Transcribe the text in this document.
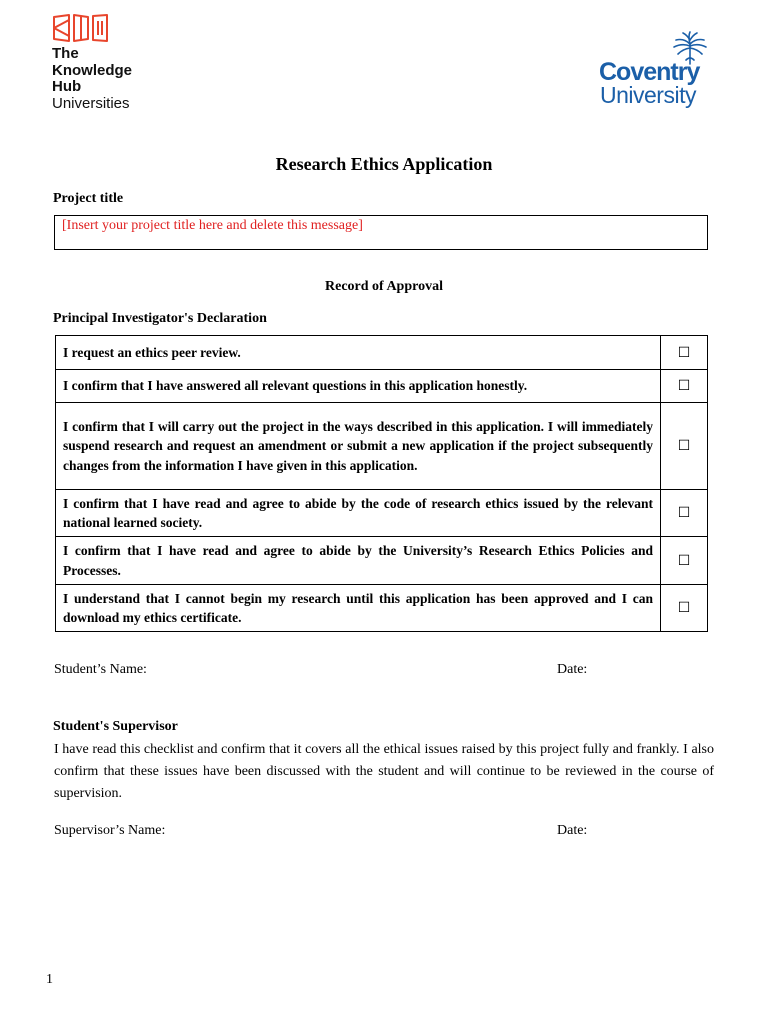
The
Knowledge
Hub
Universities
Coventry
University
Research Ethics Application
Project title
[Insert your project title here and delete this message]
Record of Approval
Principal Investigator's Declaration
I request an ethics peer review.	☐
I confirm that I have answered all relevant questions in this application honestly.	☐
I confirm that I will carry out the project in the ways described in this application. I will immediately suspend research and request an amendment or submit a new application if the project subsequently changes from the information I have given in this application.	☐
I confirm that I have read and agree to abide by the code of research ethics issued by the relevant national learned society.	☐
I confirm that I have read and agree to abide by the University’s Research Ethics Policies and Processes.	☐
I understand that I cannot begin my research until this application has been approved and I can download my ethics certificate.	☐
Student’s Name:	Date:
Student's Supervisor
I have read this checklist and confirm that it covers all the ethical issues raised by this project fully and frankly. I also confirm that these issues have been discussed with the student and will continue to be reviewed in the course of supervision.
Supervisor’s Name:	Date:
1
